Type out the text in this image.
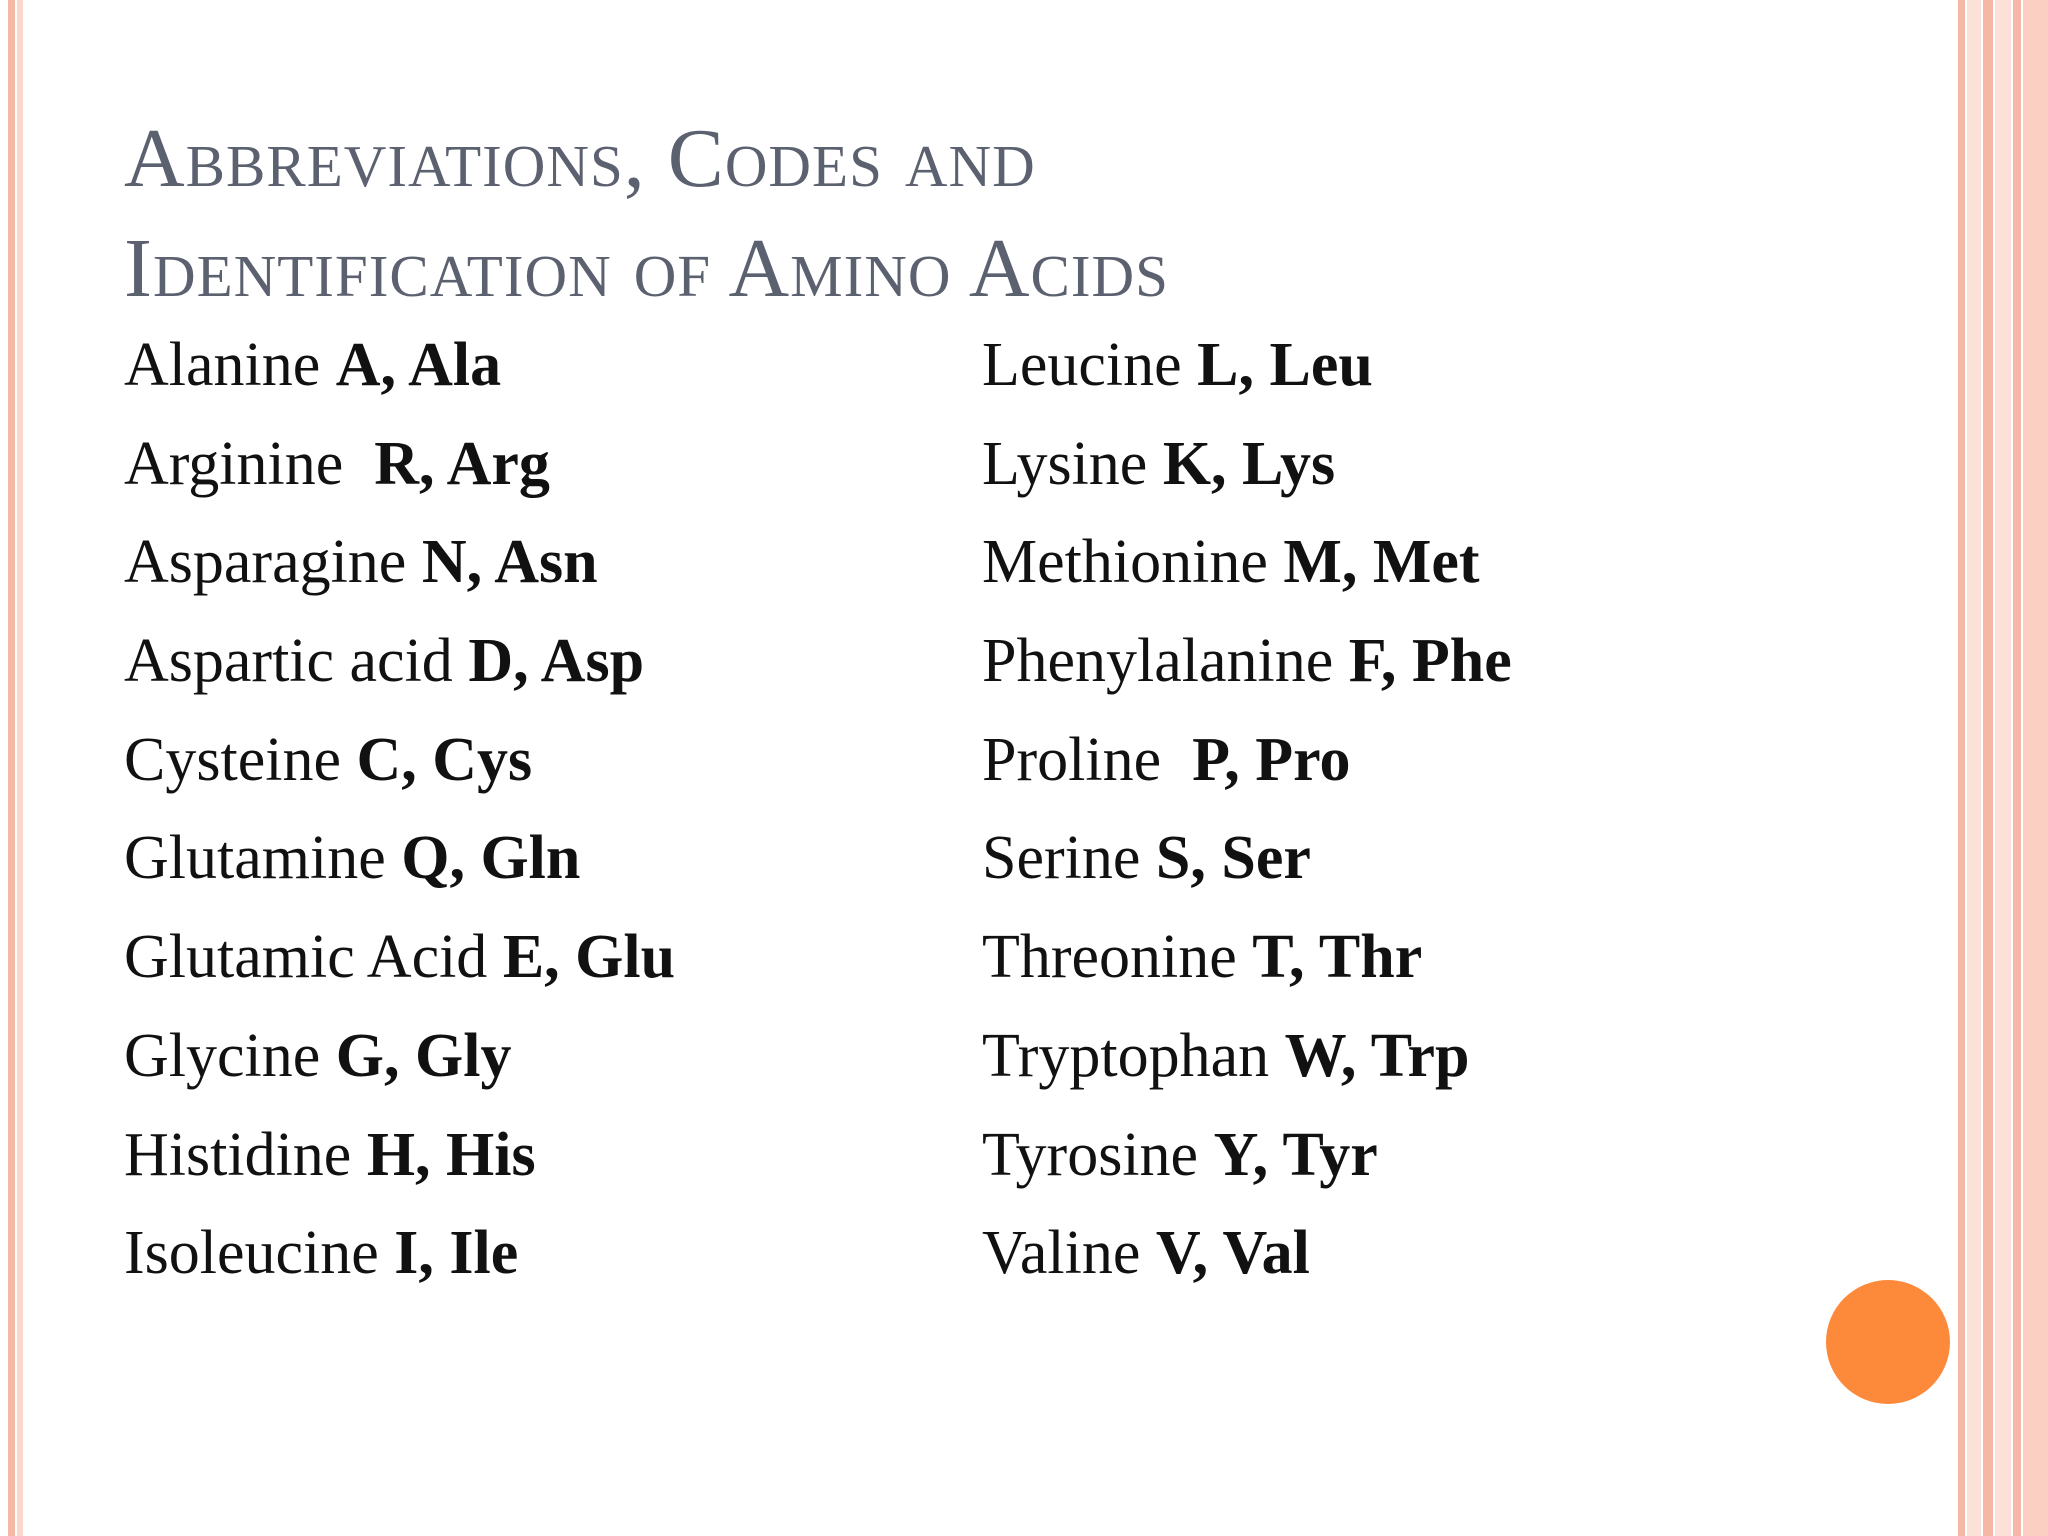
Abbreviations, Codes and
Identification of Amino Acids
Alanine A, Ala
Arginine R, Arg
Asparagine N, Asn
Aspartic acid D, Asp
Cysteine C, Cys
Glutamine Q, Gln
Glutamic Acid E, Glu
Glycine G, Gly
Histidine H, His
Isoleucine I, Ile
Leucine L, Leu
Lysine K, Lys
Methionine M, Met
Phenylalanine F, Phe
Proline P, Pro
Serine S, Ser
Threonine T, Thr
Tryptophan W, Trp
Tyrosine Y, Tyr
Valine V, Val
